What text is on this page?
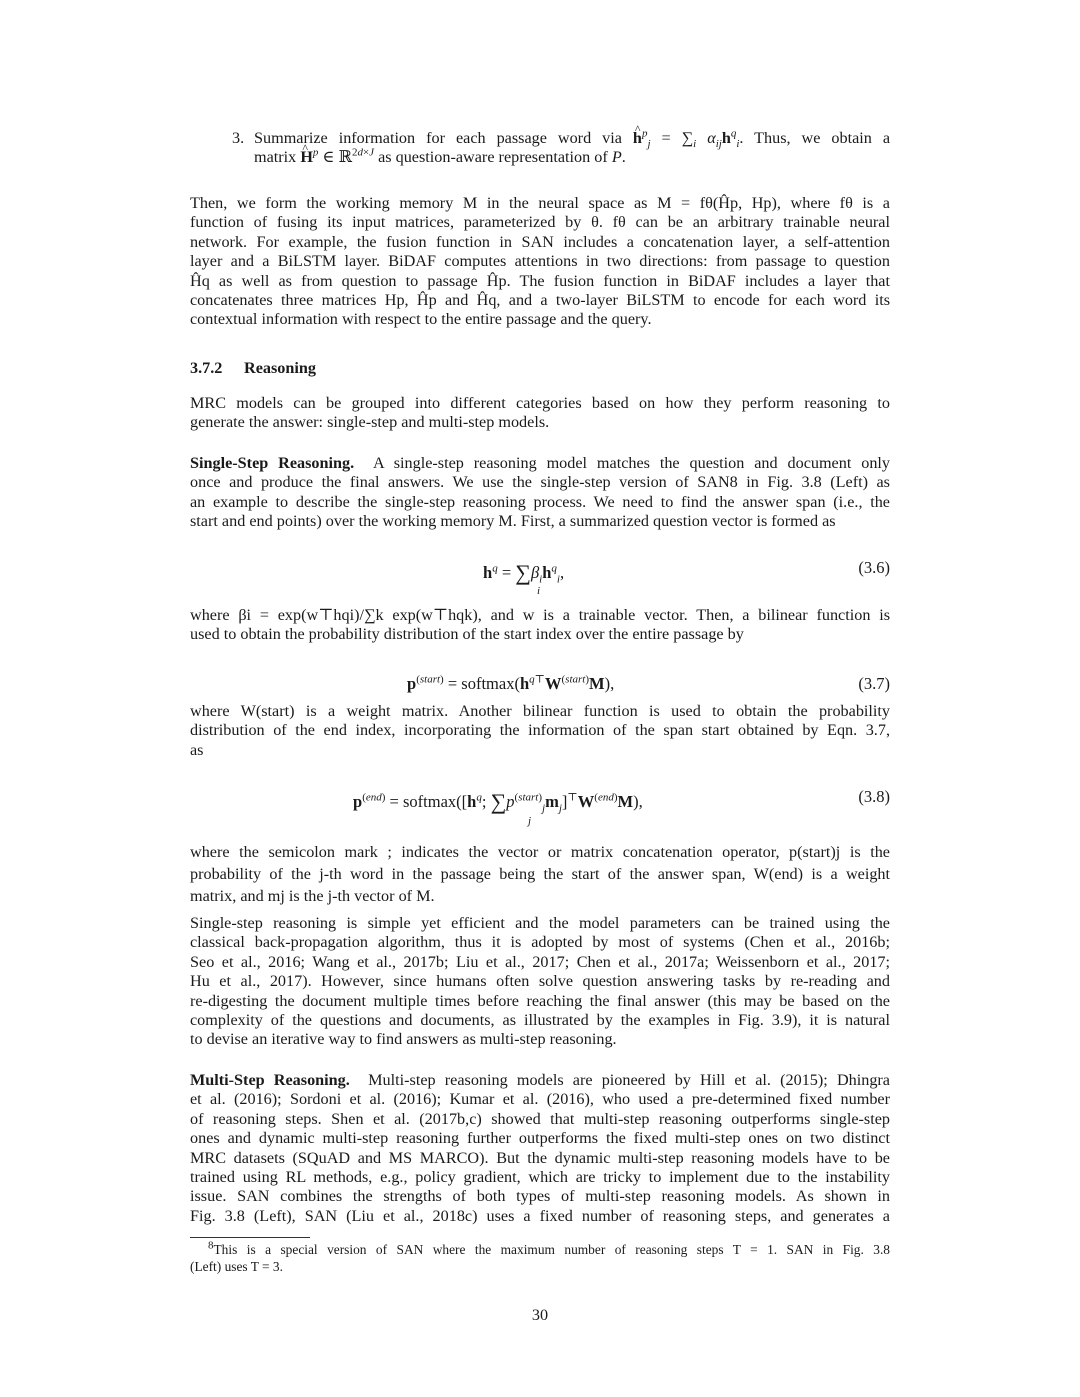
3. Summarize information for each passage word via ^ $h^p_j = \sum_i$ $\alpha_{ij}h^q_i$. Thus, we obtain a
matrix ^ $H^p$ ∈ ℝ$^{2d\times J}$ as question-aware representation of P.
Then, we form the working memory M in the neural space as M = fθ(Ĥp, Hp), where fθ is a
function of fusing its input matrices, parameterized by θ. fθ can be an arbitrary trainable neural
network. For example, the fusion function in SAN includes a concatenation layer, a self-attention
layer and a BiLSTM layer. BiDAF computes attentions in two directions: from passage to question
Ĥq as well as from question to passage Ĥp. The fusion function in BiDAF includes a layer that
concatenates three matrices Hp, Ĥp and Ĥq, and a two-layer BiLSTM to encode for each word its
contextual information with respect to the entire passage and the query.
3.7.2 Reasoning
MRC models can be grouped into different categories based on how they perform reasoning to
generate the answer: single-step and multi-step models.
Single-Step Reasoning. A single-step reasoning model matches the question and document only
once and produce the final answers. We use the single-step version of SAN8 in Fig. 3.8 (Left) as
an example to describe the single-step reasoning process. We need to find the answer span (i.e., the
start and end points) over the working memory M. First, a summarized question vector is formed as
$h^q = \sum\beta_ih^q_i$,
i
(3.6)
where βi = exp(w⊤hqi)/∑k exp(w⊤hqk), and w is a trainable vector. Then, a bilinear function is
used to obtain the probability distribution of the start index over the entire passage by
$p^{(start)}$ = $softmax(h^{q⊤}W^{(start)}M)$,	(3.7)
where W(start) is a weight matrix. Another bilinear function is used to obtain the probability
distribution of the end index, incorporating the information of the span start obtained by Eqn. 3.7,
as
$p^{(end)}$ = $softmax([h^q$; $\sum p^{(start)}_jm_j]^⊤W^{(end)}M$),
j
(3.8)
where the semicolon mark ; indicates the vector or matrix concatenation operator, p(start)j is the
probability of the j-th word in the passage being the start of the answer span, W(end) is a weight
matrix, and mj is the j-th vector of M.
Single-step reasoning is simple yet efficient and the model parameters can be trained using the
classical back-propagation algorithm, thus it is adopted by most of systems (Chen et al., 2016b;
Seo et al., 2016; Wang et al., 2017b; Liu et al., 2017; Chen et al., 2017a; Weissenborn et al., 2017;
Hu et al., 2017). However, since humans often solve question answering tasks by re-reading and
re-digesting the document multiple times before reaching the final answer (this may be based on the
complexity of the questions and documents, as illustrated by the examples in Fig. 3.9), it is natural
to devise an iterative way to find answers as multi-step reasoning.
Multi-Step Reasoning. Multi-step reasoning models are pioneered by Hill et al. (2015); Dhingra
et al. (2016); Sordoni et al. (2016); Kumar et al. (2016), who used a pre-determined fixed number
of reasoning steps. Shen et al. (2017b,c) showed that multi-step reasoning outperforms single-step
ones and dynamic multi-step reasoning further outperforms the fixed multi-step ones on two distinct
MRC datasets (SQuAD and MS MARCO). But the dynamic multi-step reasoning models have to be
trained using RL methods, e.g., policy gradient, which are tricky to implement due to the instability
issue. SAN combines the strengths of both types of multi-step reasoning models. As shown in
Fig. 3.8 (Left), SAN (Liu et al., 2018c) uses a fixed number of reasoning steps, and generates a
$^8$This is a special version of SAN where the maximum number of reasoning steps T = 1. SAN in Fig. 3.8
(Left) uses T = 3.
30
